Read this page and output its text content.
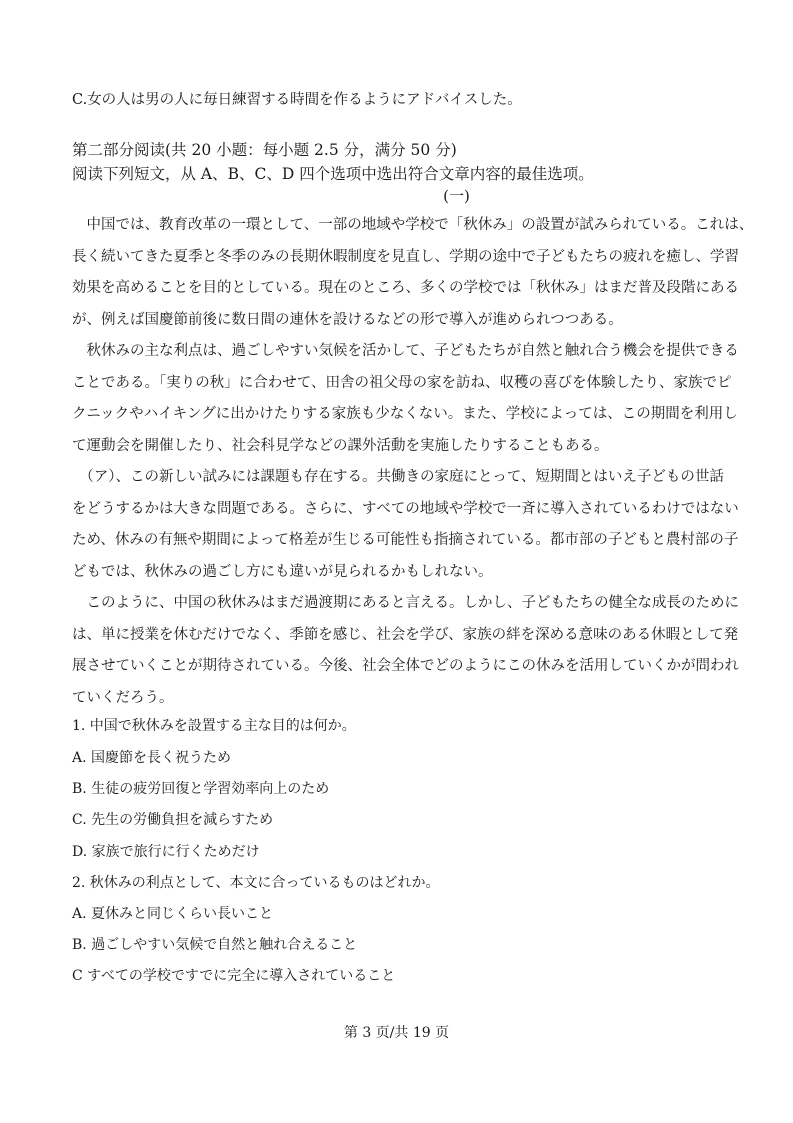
C.女の人は男の人に毎日練習する時間を作るようにアドバイスした。
第二部分阅读(共 20 小题：每小题 2.5 分，满分 50 分)
阅读下列短文，从 A、B、C、D 四个选项中选出符合文章内容的最佳选项。
(一)
　中国では、教育改革の一環として、一部の地域や学校で「秋休み」の設置が試みられている。これは、
長く続いてきた夏季と冬季のみの長期休暇制度を見直し、学期の途中で子どもたちの疲れを癒し、学習
効果を高めることを目的としている。現在のところ、多くの学校では「秋休み」はまだ普及段階にある
が、例えば国慶節前後に数日間の連休を設けるなどの形で導入が進められつつある。
　秋休みの主な利点は、過ごしやすい気候を活かして、子どもたちが自然と触れ合う機会を提供できる
ことである。「実りの秋」に合わせて、田舎の祖父母の家を訪ね、収穫の喜びを体験したり、家族でピ
クニックやハイキングに出かけたりする家族も少なくない。また、学校によっては、この期間を利用し
て運動会を開催したり、社会科見学などの課外活動を実施したりすることもある。
　（ア）、この新しい試みには課題も存在する。共働きの家庭にとって、短期間とはいえ子どもの世話
をどうするかは大きな問題である。さらに、すべての地域や学校で一斉に導入されているわけではない
ため、休みの有無や期間によって格差が生じる可能性も指摘されている。都市部の子どもと農村部の子
どもでは、秋休みの過ごし方にも違いが見られるかもしれない。
　このように、中国の秋休みはまだ過渡期にあると言える。しかし、子どもたちの健全な成長のために
は、単に授業を休むだけでなく、季節を感じ、社会を学び、家族の絆を深める意味のある休暇として発
展させていくことが期待されている。今後、社会全体でどのようにこの休みを活用していくかが問われ
ていくだろう。
1. 中国で秋休みを設置する主な目的は何か。
A. 国慶節を長く祝うため
B. 生徒の疲労回復と学習効率向上のため
C. 先生の労働負担を減らすため
D. 家族で旅行に行くためだけ
2. 秋休みの利点として、本文に合っているものはどれか。
A. 夏休みと同じくらい長いこと
B. 過ごしやすい気候で自然と触れ合えること
C すべての学校ですでに完全に導入されていること
第 3 页/共 19 页
